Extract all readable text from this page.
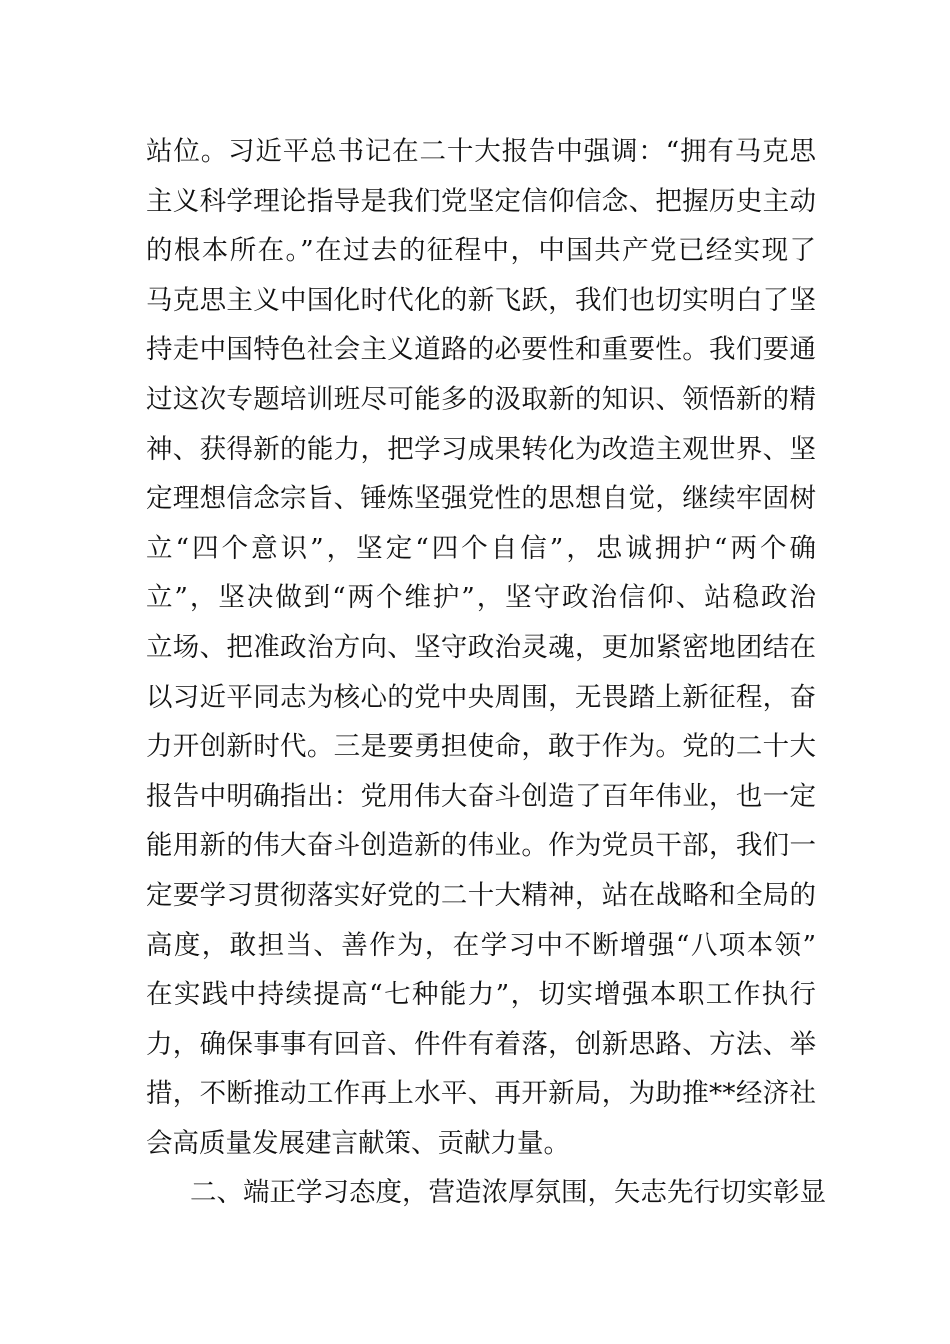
站位。习近平总书记在二十大报告中强调：“拥有马克思
主义科学理论指导是我们党坚定信仰信念、把握历史主动
的根本所在。”在过去的征程中，中国共产党已经实现了
马克思主义中国化时代化的新飞跃，我们也切实明白了坚
持走中国特色社会主义道路的必要性和重要性。我们要通
过这次专题培训班尽可能多的汲取新的知识、领悟新的精
神、获得新的能力，把学习成果转化为改造主观世界、坚
定理想信念宗旨、锤炼坚强党性的思想自觉，继续牢固树
立“四个意识”，坚定“四个自信”，忠诚拥护“两个确
立”，坚决做到“两个维护”，坚守政治信仰、站稳政治
立场、把准政治方向、坚守政治灵魂，更加紧密地团结在
以习近平同志为核心的党中央周围，无畏踏上新征程，奋
力开创新时代。三是要勇担使命，敢于作为。党的二十大
报告中明确指出：党用伟大奋斗创造了百年伟业，也一定
能用新的伟大奋斗创造新的伟业。作为党员干部，我们一
定要学习贯彻落实好党的二十大精神，站在战略和全局的
高度，敢担当、善作为，在学习中不断增强“八项本领”
在实践中持续提高“七种能力”，切实增强本职工作执行
力，确保事事有回音、件件有着落，创新思路、方法、举
措，不断推动工作再上水平、再开新局，为助推**经济社
会高质量发展建言献策、贡献力量。
二、端正学习态度，营造浓厚氛围，矢志先行切实彰显
